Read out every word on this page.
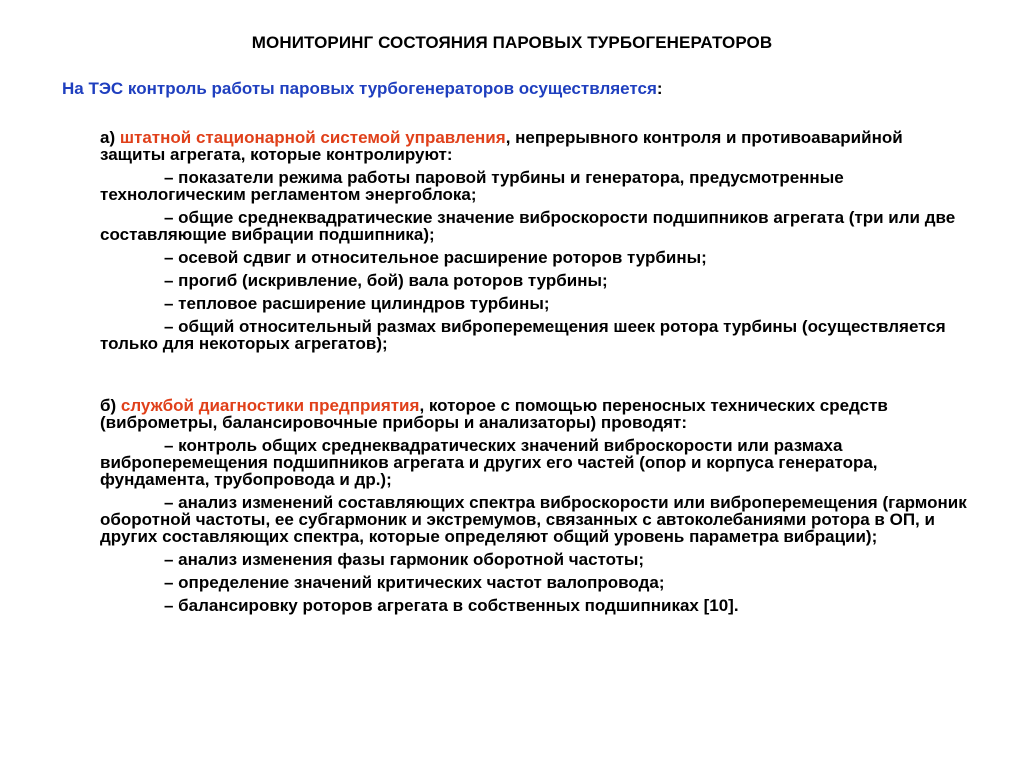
МОНИТОРИНГ СОСТОЯНИЯ ПАРОВЫХ ТУРБОГЕНЕРАТОРОВ
На ТЭС контроль работы паровых турбогенераторов осуществляется:

а) штатной стационарной системой управления, непрерывного контроля и противоаварийной защиты агрегата, которые контролируют:

– показатели режима работы паровой турбины и генератора, предусмотренные технологическим регламентом энергоблока;

– общие среднеквадратические значение виброскорости подшипников агрегата (три или две составляющие вибрации подшипника);

– осевой сдвиг и относительное расширение роторов турбины;

– прогиб (искривление, бой) вала роторов турбины;

– тепловое расширение цилиндров турбины;

– общий относительный размах виброперемещения шеек ротора турбины (осуществляется только для некоторых агрегатов);

б) службой диагностики предприятия, которое с помощью переносных технических средств (виброметры, балансировочные приборы и анализаторы) проводят:

– контроль общих среднеквадратических значений виброскорости или размаха виброперемещения подшипников агрегата и других его частей (опор и корпуса генератора, фундамента, трубопровода и др.);

– анализ изменений составляющих спектра виброскорости или виброперемещения (гармоник оборотной частоты, ее субгармоник и экстремумов, связанных с автоколебаниями ротора в ОП, и других составляющих спектра, которые определяют общий уровень параметра вибрации);

– анализ изменения фазы гармоник оборотной частоты;

– определение значений критических частот валопровода;

– балансировку роторов агрегата в собственных подшипниках [10].
